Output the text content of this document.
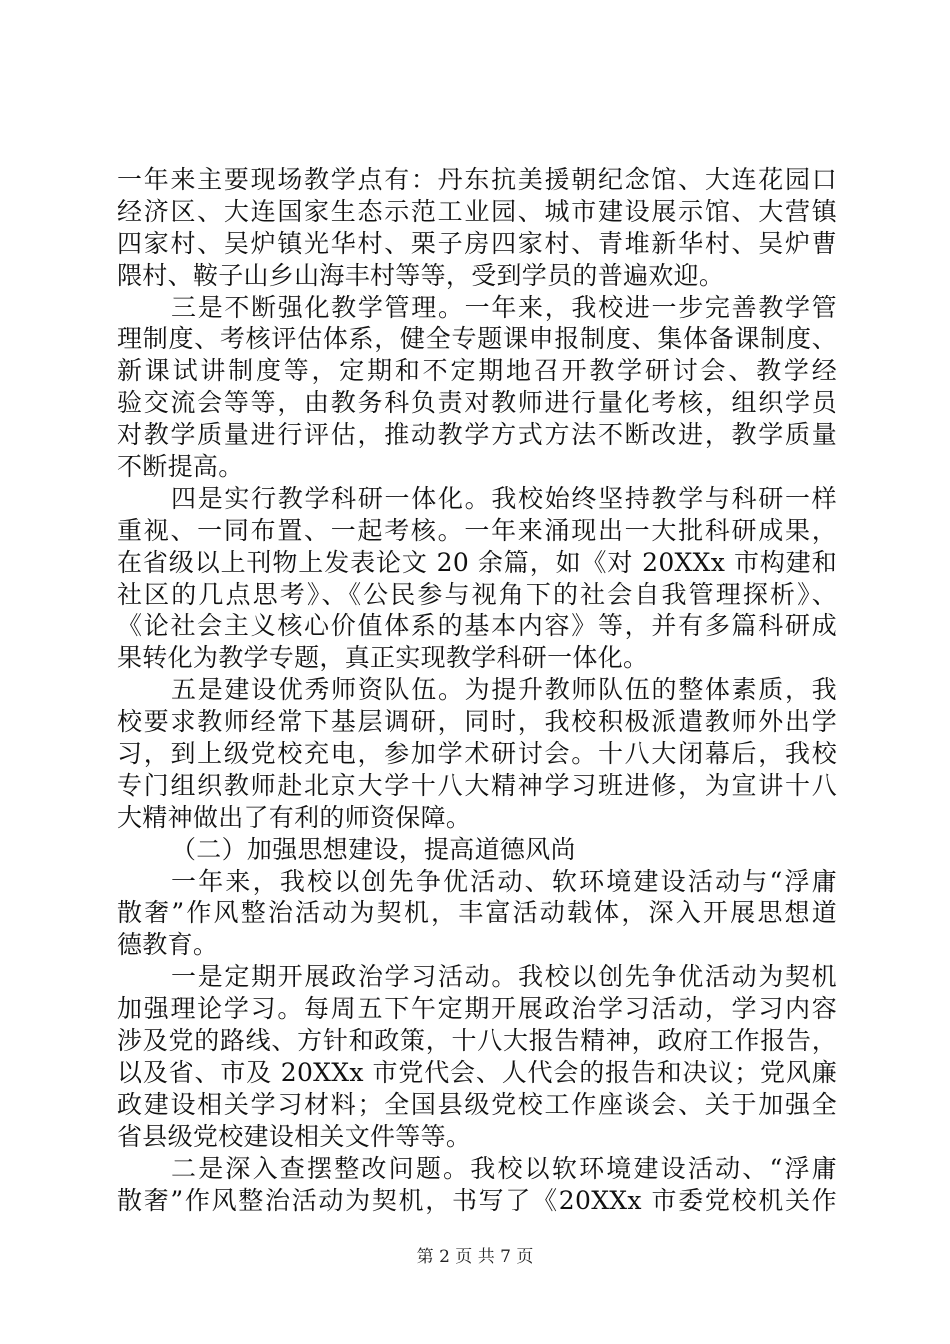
一年来主要现场教学点有：丹东抗美援朝纪念馆、大连花园口
经济区、大连国家生态示范工业园、城市建设展示馆、大营镇
四家村、吴炉镇光华村、栗子房四家村、青堆新华村、吴炉曹
隈村、鞍子山乡山海丰村等等，受到学员的普遍欢迎。
三是不断强化教学管理。一年来，我校进一步完善教学管
理制度、考核评估体系，健全专题课申报制度、集体备课制度、
新课试讲制度等，定期和不定期地召开教学研讨会、教学经
验交流会等等，由教务科负责对教师进行量化考核，组织学员
对教学质量进行评估，推动教学方式方法不断改进，教学质量
不断提高。
四是实行教学科研一体化。我校始终坚持教学与科研一样
重视、一同布置、一起考核。一年来涌现出一大批科研成果，
在省级以上刊物上发表论文 20 余篇，如《对 20XXx 市构建和
社区的几点思考》、《公民参与视角下的社会自我管理探析》、
《论社会主义核心价值体系的基本内容》等，并有多篇科研成
果转化为教学专题，真正实现教学科研一体化。
五是建设优秀师资队伍。为提升教师队伍的整体素质，我
校要求教师经常下基层调研，同时，我校积极派遣教师外出学
习，到上级党校充电，参加学术研讨会。十八大闭幕后，我校
专门组织教师赴北京大学十八大精神学习班进修，为宣讲十八
大精神做出了有利的师资保障。
（二）加强思想建设，提高道德风尚
一年来，我校以创先争优活动、软环境建设活动与“浮庸
散奢”作风整治活动为契机，丰富活动载体，深入开展思想道
德教育。
一是定期开展政治学习活动。我校以创先争优活动为契机
加强理论学习。每周五下午定期开展政治学习活动，学习内容
涉及党的路线、方针和政策，十八大报告精神，政府工作报告，
以及省、市及 20XXx 市党代会、人代会的报告和决议；党风廉
政建设相关学习材料；全国县级党校工作座谈会、关于加强全
省县级党校建设相关文件等等。
二是深入查摆整改问题。我校以软环境建设活动、“浮庸
散奢”作风整治活动为契机，书写了《20XXx 市委党校机关作
第 2 页 共 7 页
